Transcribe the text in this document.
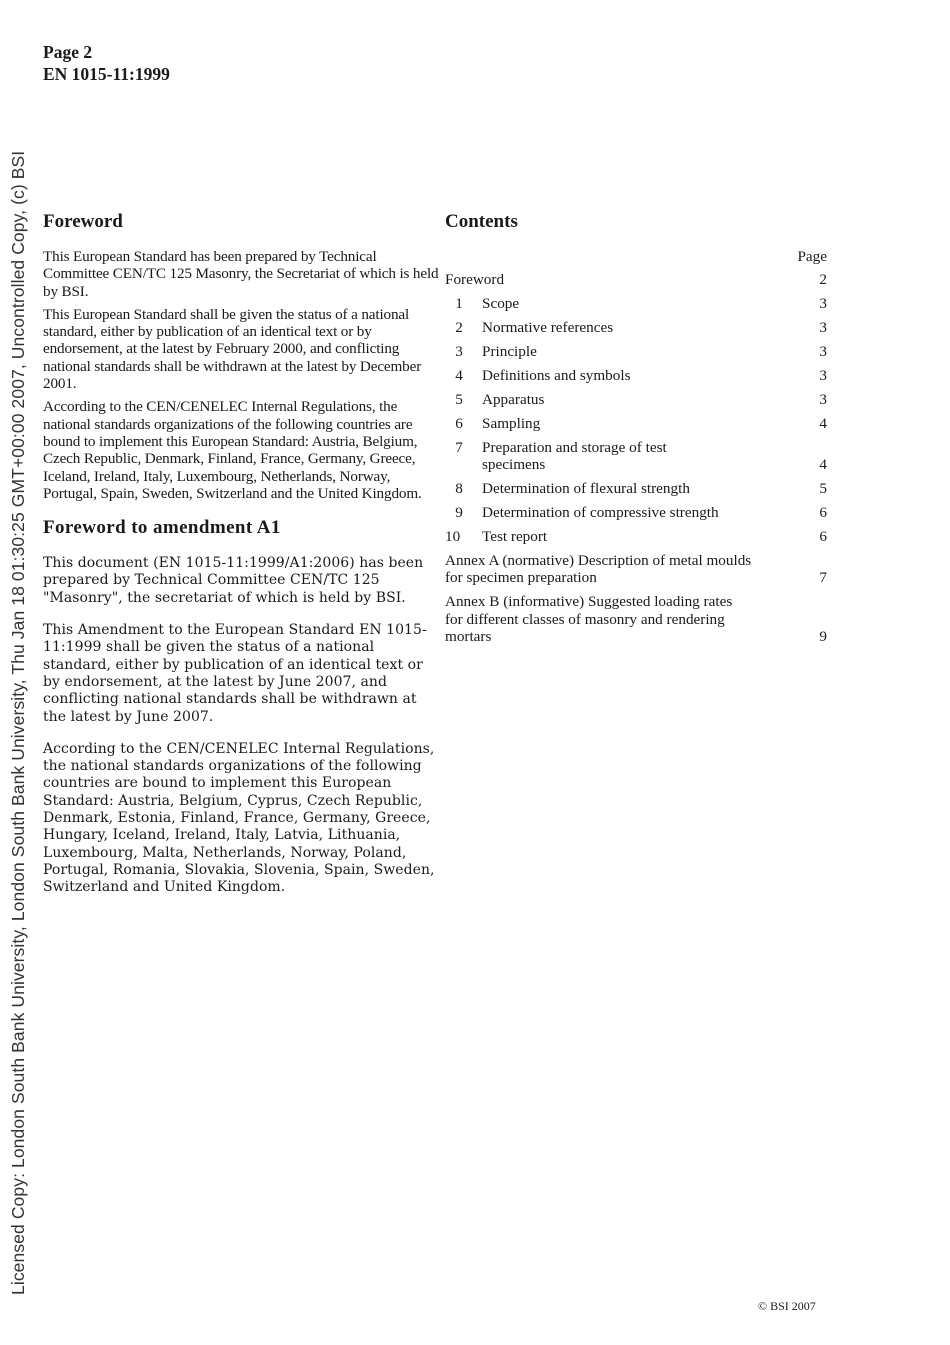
Licensed Copy: London South Bank University, London South Bank University, Thu Jan 18 01:30:25 GMT+00:00 2007, Uncontrolled Copy, (c) BSI
Page 2
EN 1015-11:1999
Foreword

This European Standard has been prepared by Technical Committee CEN/TC 125 Masonry, the Secretariat of which is held by BSI.

This European Standard shall be given the status of a national standard, either by publication of an identical text or by endorsement, at the latest by February 2000, and conflicting national standards shall be withdrawn at the latest by December 2001.

According to the CEN/CENELEC Internal Regulations, the national standards organizations of the following countries are bound to implement this European Standard: Austria, Belgium, Czech Republic, Denmark, Finland, France, Germany, Greece, Iceland, Ireland, Italy, Luxembourg, Netherlands, Norway, Portugal, Spain, Sweden, Switzerland and the United Kingdom.

Foreword to amendment A1

This document (EN 1015-11:1999/A1:2006) has been prepared by Technical Committee CEN/TC 125 "Masonry", the secretariat of which is held by BSI.

This Amendment to the European Standard EN 1015-11:1999 shall be given the status of a national standard, either by publication of an identical text or by endorsement, at the latest by June 2007, and conflicting national standards shall be withdrawn at the latest by June 2007.

According to the CEN/CENELEC Internal Regulations, the national standards organizations of the following countries are bound to implement this European Standard: Austria, Belgium, Cyprus, Czech Republic, Denmark, Estonia, Finland, France, Germany, Greece, Hungary, Iceland, Ireland, Italy, Latvia, Lithuania, Luxembourg, Malta, Netherlands, Norway, Poland, Portugal, Romania, Slovakia, Slovenia, Spain, Sweden, Switzerland and United Kingdom.

Contents
Page
Foreword	2
1	Scope	3
2	Normative references	3
3	Principle	3
4	Definitions and symbols	3
5	Apparatus	3
6	Sampling	4
7	Preparation and storage of test specimens	4
8	Determination of flexural strength	5
9	Determination of compressive strength	6
10	Test report	6
Annex A (normative) Description of metal moulds for specimen preparation	7
Annex B (informative) Suggested loading rates for different classes of masonry and rendering mortars	9
© BSI 2007
